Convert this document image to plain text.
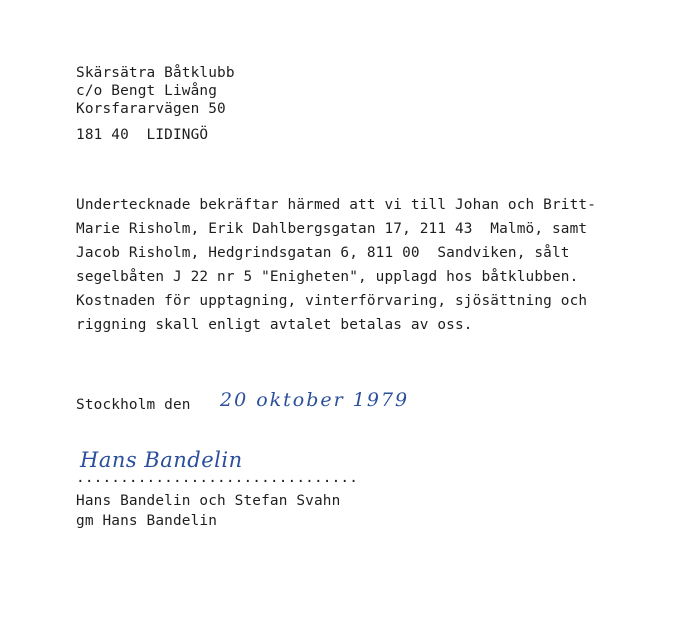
Skärsätra Båtklubb
c/o Bengt Liwång
Korsfararvägen 50
181 40  LIDINGÖ
Undertecknade bekräftar härmed att vi till Johan och Britt-
Marie Risholm, Erik Dahlbergsgatan 17, 211 43  Malmö, samt
Jacob Risholm, Hedgrindsgatan 6, 811 00  Sandviken, sålt
segelbåten J 22 nr 5 "Enigheten", upplagd hos båtklubben.
Kostnaden för upptagning, vinterförvaring, sjösättning och
riggning skall enligt avtalet betalas av oss.
Stockholm den 20 oktober 1979
Hans Bandelin
................................
Hans Bandelin och Stefan Svahn
gm Hans Bandelin
